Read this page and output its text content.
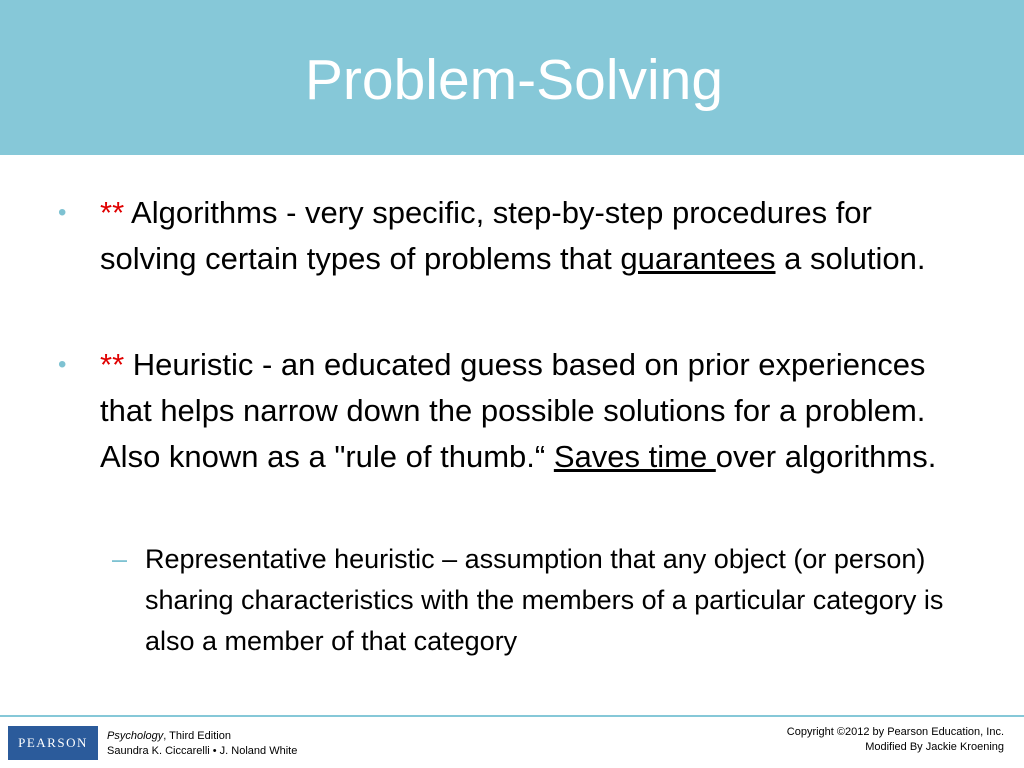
Problem-Solving

• ** Algorithms - very specific, step-by-step procedures for solving certain types of problems that guarantees a solution.

• ** Heuristic - an educated guess based on prior experiences that helps narrow down the possible solutions for a problem. Also known as a "rule of thumb.“ Saves time over algorithms.

– Representative heuristic – assumption that any object (or person) sharing characteristics with the members of a particular category is also a member of that category

PEARSON Psychology, Third Edition
Saundra K. Ciccarelli • J. Noland White
Copyright ©2012 by Pearson Education, Inc.
Modified By Jackie Kroening
